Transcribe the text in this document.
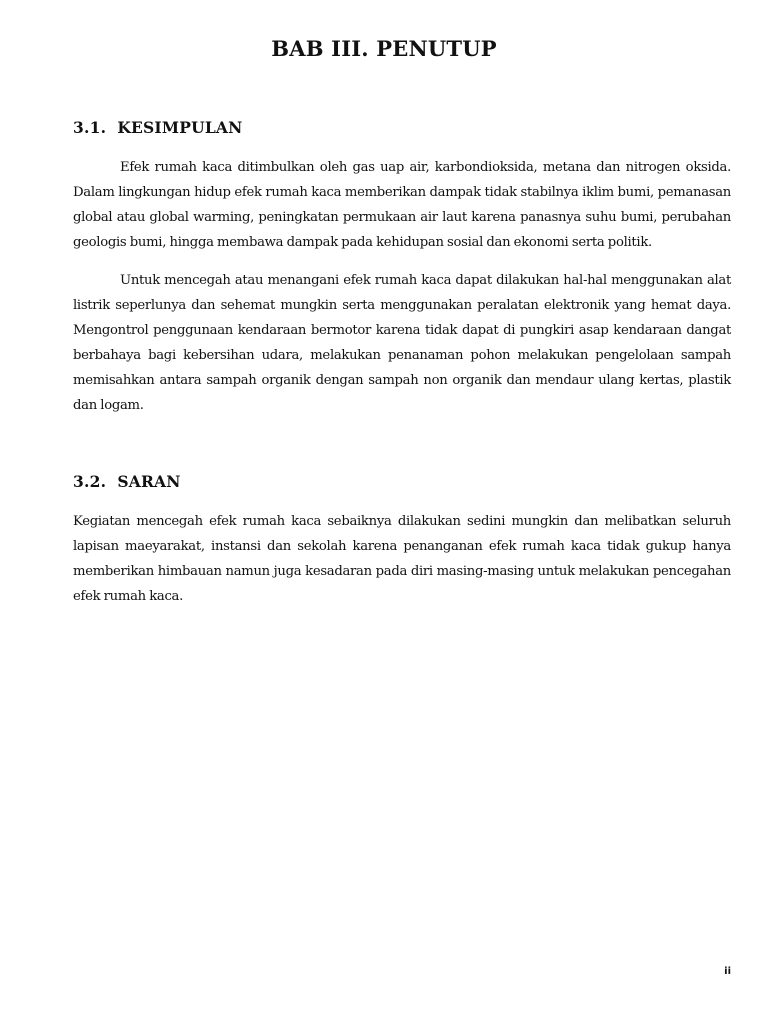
BAB III. PENUTUP
3.1.  KESIMPULAN

Efek rumah kaca ditimbulkan oleh gas uap air, karbondioksida, metana dan nitrogen oksida. Dalam lingkungan hidup efek rumah kaca memberikan dampak tidak stabilnya iklim bumi, pemanasan global atau global warming, peningkatan permukaan air laut karena panasnya suhu bumi, perubahan geologis bumi, hingga membawa dampak pada kehidupan sosial dan ekonomi serta politik.

Untuk mencegah atau menangani efek rumah kaca dapat dilakukan hal-hal menggunakan alat listrik seperlunya dan sehemat mungkin serta menggunakan peralatan elektronik yang hemat daya. Mengontrol penggunaan kendaraan bermotor karena tidak dapat di pungkiri asap kendaraan dangat berbahaya bagi kebersihan udara, melakukan penanaman pohon melakukan pengelolaan sampah memisahkan antara sampah organik dengan sampah non organik dan mendaur ulang kertas, plastik dan logam.

3.2.  SARAN

Kegiatan mencegah efek rumah kaca sebaiknya dilakukan sedini mungkin dan melibatkan seluruh lapisan maeyarakat, instansi dan sekolah karena penanganan efek rumah kaca tidak gukup hanya memberikan himbauan namun juga kesadaran pada diri masing-masing untuk melakukan pencegahan efek rumah kaca.

ii
